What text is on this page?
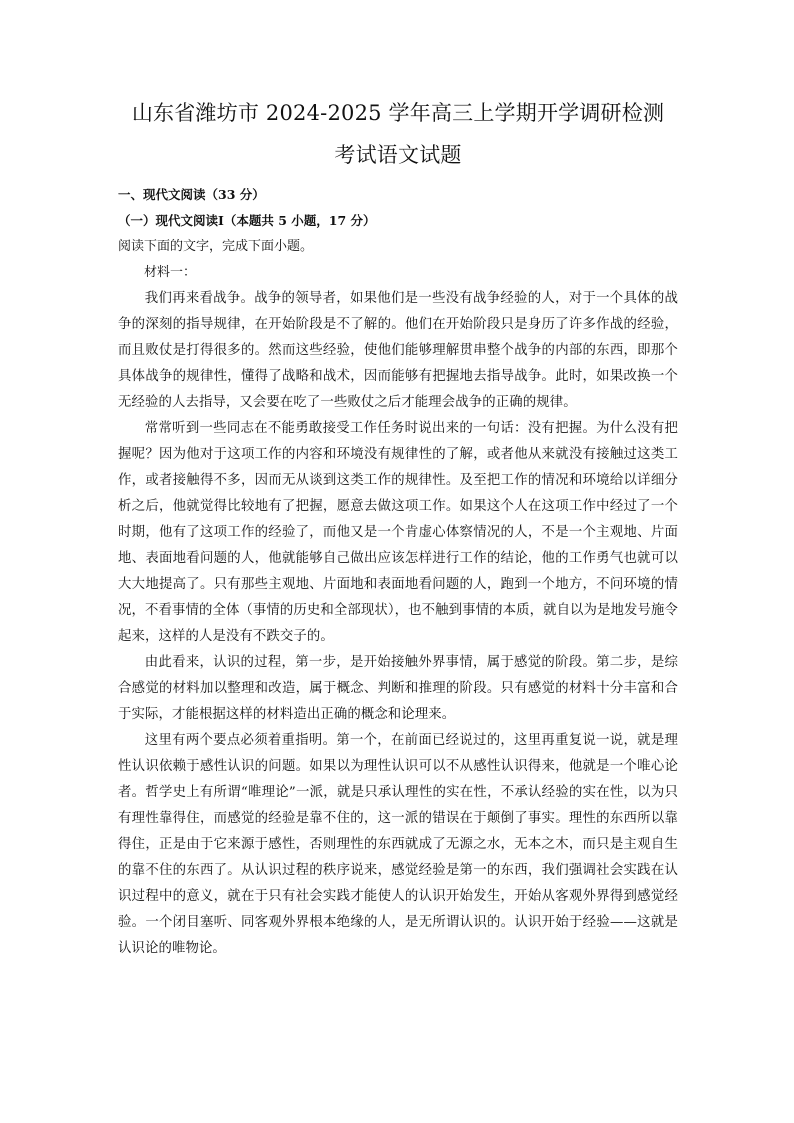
山东省潍坊市 2024-2025 学年高三上学期开学调研检测
考试语文试题

一、现代文阅读（33 分）

（一）现代文阅读Ⅰ（本题共 5 小题，17 分）

阅读下面的文字，完成下面小题。

材料一：

我们再来看战争。战争的领导者，如果他们是一些没有战争经验的人，对于一个具体的战争的深刻的指导规律，在开始阶段是不了解的。他们在开始阶段只是身历了许多作战的经验，而且败仗是打得很多的。然而这些经验，使他们能够理解贯串整个战争的内部的东西，即那个具体战争的规律性，懂得了战略和战术，因而能够有把握地去指导战争。此时，如果改换一个无经验的人去指导，又会要在吃了一些败仗之后才能理会战争的正确的规律。

常常听到一些同志在不能勇敢接受工作任务时说出来的一句话：没有把握。为什么没有把握呢？因为他对于这项工作的内容和环境没有规律性的了解，或者他从来就没有接触过这类工作，或者接触得不多，因而无从谈到这类工作的规律性。及至把工作的情况和环境给以详细分析之后，他就觉得比较地有了把握，愿意去做这项工作。如果这个人在这项工作中经过了一个时期，他有了这项工作的经验了，而他又是一个肯虚心体察情况的人，不是一个主观地、片面地、表面地看问题的人，他就能够自己做出应该怎样进行工作的结论，他的工作勇气也就可以大大地提高了。只有那些主观地、片面地和表面地看问题的人，跑到一个地方，不问环境的情况，不看事情的全体（事情的历史和全部现状），也不触到事情的本质，就自以为是地发号施令起来，这样的人是没有不跌交子的。

由此看来，认识的过程，第一步，是开始接触外界事情，属于感觉的阶段。第二步，是综合感觉的材料加以整理和改造，属于概念、判断和推理的阶段。只有感觉的材料十分丰富和合于实际，才能根据这样的材料造出正确的概念和论理来。

这里有两个要点必须着重指明。第一个，在前面已经说过的，这里再重复说一说，就是理性认识依赖于感性认识的问题。如果以为理性认识可以不从感性认识得来，他就是一个唯心论者。哲学史上有所谓“唯理论”一派，就是只承认理性的实在性，不承认经验的实在性，以为只有理性靠得住，而感觉的经验是靠不住的，这一派的错误在于颠倒了事实。理性的东西所以靠得住，正是由于它来源于感性，否则理性的东西就成了无源之水，无本之木，而只是主观自生的靠不住的东西了。从认识过程的秩序说来，感觉经验是第一的东西，我们强调社会实践在认识过程中的意义，就在于只有社会实践才能使人的认识开始发生，开始从客观外界得到感觉经验。一个闭目塞听、同客观外界根本绝缘的人，是无所谓认识的。认识开始于经验——这就是认识论的唯物论。
